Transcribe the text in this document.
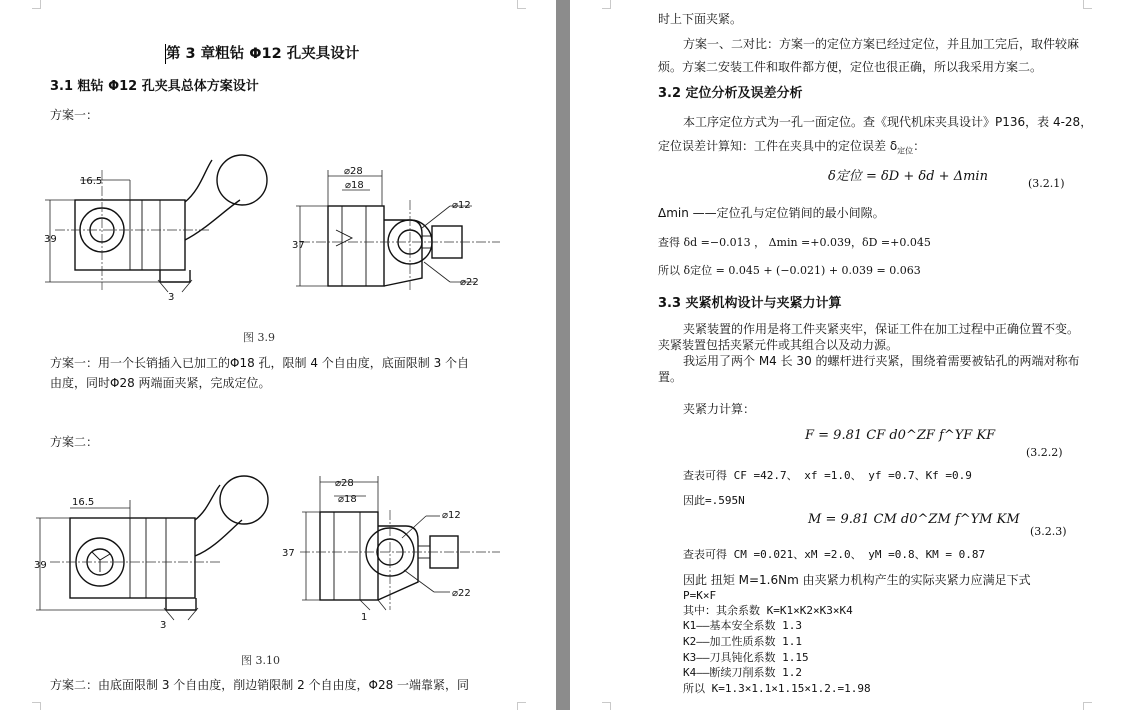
第 3 章粗钻 Φ12 孔夹具设计
3.1 粗钻 Φ12 孔夹具总体方案设计
方案一：
16.5
39
3
⌀28
⌀18
⌀12
37
⌀22
图 3.9
方案一：用一个长销插入已加工的Φ18 孔，限制 4 个自由度，底面限制 3 个自
由度，同时Φ28 两端面夹紧，完成定位。
方案二：
16.5
39
3
⌀28
⌀18
⌀12
37
⌀22
1
图 3.10
方案二：由底面限制 3 个自由度，削边销限制 2 个自由度，Φ28 一端靠紧，同
时上下面夹紧。
方案一、二对比：方案一的定位方案已经过定位，并且加工完后，取件较麻
烦。方案二安装工件和取件都方便，定位也很正确，所以我采用方案二。
3.2 定位分析及误差分析
本工序定位方式为一孔一面定位。查《现代机床夹具设计》P136，表 4-28，
定位误差计算知：工件在夹具中的定位误差 $\delta_{定位}$：
δ定位 = δD + δd + Δmin	(3.2.1)
Δmin ——定位孔与定位销间的最小间隙。
查得 δd =−0.013 ， Δmin =+0.039，δD =+0.045
所以 δ定位 = 0.045 + (−0.021) + 0.039 = 0.063
3.3 夹紧机构设计与夹紧力计算
夹紧装置的作用是将工件夹紧夹牢，保证工件在加工过程中正确位置不变。
夹紧装置包括夹紧元件或其组合以及动力源。
我运用了两个 M4 长 30 的螺杆进行夹紧，围绕着需要被钻孔的两端对称布
置。
夹紧力计算：
F = 9.81 CF d0^ZF f^YF KF
(3.2.2)
查表可得 CF =42.7、 xf =1.0、 yf =0.7、Kf =0.9
因此=.595N
M = 9.81 CM d0^ZM f^YM KM
(3.2.3)
查表可得 CM =0.021、xM =2.0、 yM =0.8、KM = 0.87
因此 扭矩 M=1.6Nm 由夹紧力机构产生的实际夹紧力应满足下式
P=K×F
其中：其余系数 K=K1×K2×K3×K4
K1——基本安全系数 1.3
K2——加工性质系数 1.1
K3——刀具钝化系数 1.15
K4——断续刀削系数 1.2
所以 K=1.3×1.1×1.15×1.2.=1.98
